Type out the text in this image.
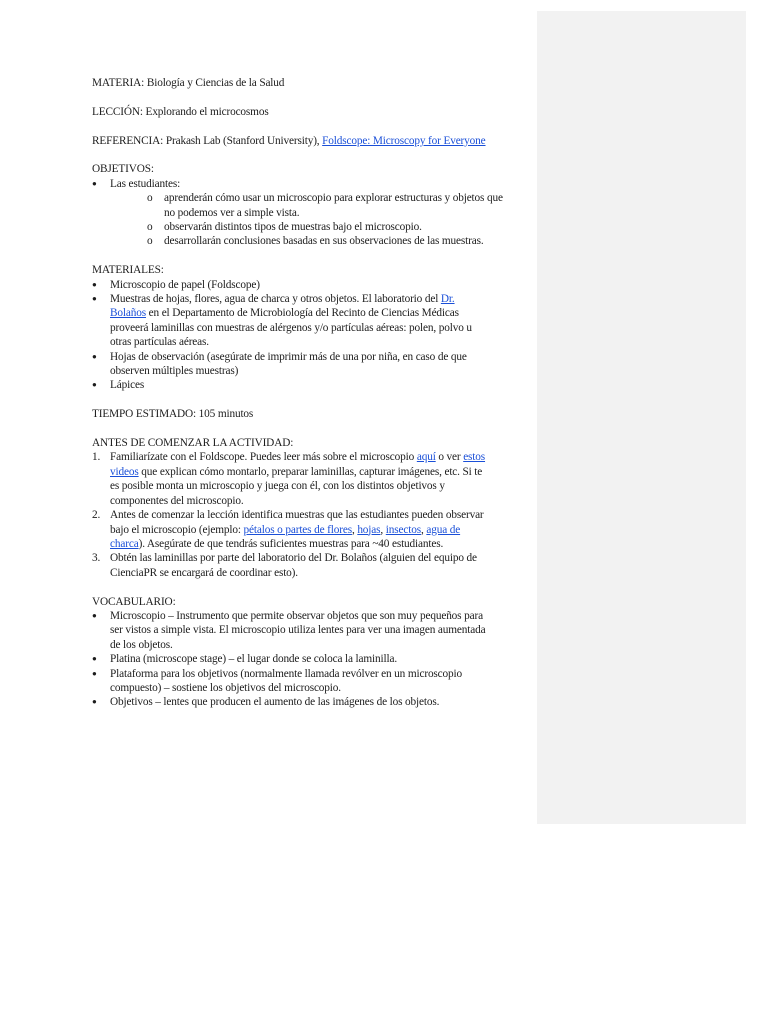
MATERIA: Biología y Ciencias de la Salud

LECCIÓN: Explorando el microcosmos

REFERENCIA: Prakash Lab (Stanford University), Foldscope: Microscopy for Everyone

OBJETIVOS:

● Las estudiantes:
o aprenderán cómo usar un microscopio para explorar estructuras y objetos que
no podemos ver a simple vista.
o observarán distintos tipos de muestras bajo el microscopio.
o desarrollarán conclusiones basadas en sus observaciones de las muestras.

MATERIALES:

● Microscopio de papel (Foldscope)
● Muestras de hojas, flores, agua de charca y otros objetos. El laboratorio del Dr.
Bolaños en el Departamento de Microbiología del Recinto de Ciencias Médicas
proveerá laminillas con muestras de alérgenos y/o partículas aéreas: polen, polvo u
otras partículas aéreas.
● Hojas de observación (asegúrate de imprimir más de una por niña, en caso de que
observen múltiples muestras)
● Lápices

TIEMPO ESTIMADO: 105 minutos

ANTES DE COMENZAR LA ACTIVIDAD:

1. Familiarízate con el Foldscope. Puedes leer más sobre el microscopio aquí o ver estos
videos que explican cómo montarlo, preparar laminillas, capturar imágenes, etc. Si te
es posible monta un microscopio y juega con él, con los distintos objetivos y
componentes del microscopio.
2. Antes de comenzar la lección identifica muestras que las estudiantes pueden observar
bajo el microscopio (ejemplo: pétalos o partes de flores, hojas, insectos, agua de
charca). Asegúrate de que tendrás suficientes muestras para ~40 estudiantes.
3. Obtén las laminillas por parte del laboratorio del Dr. Bolaños (alguien del equipo de
CienciaPR se encargará de coordinar esto).

VOCABULARIO:

● Microscopio – Instrumento que permite observar objetos que son muy pequeños para
ser vistos a simple vista. El microscopio utiliza lentes para ver una imagen aumentada
de los objetos.
● Platina (microscope stage) – el lugar donde se coloca la laminilla.
● Plataforma para los objetivos (normalmente llamada revólver en un microscopio
compuesto) – sostiene los objetivos del microscopio.
● Objetivos – lentes que producen el aumento de las imágenes de los objetos.
